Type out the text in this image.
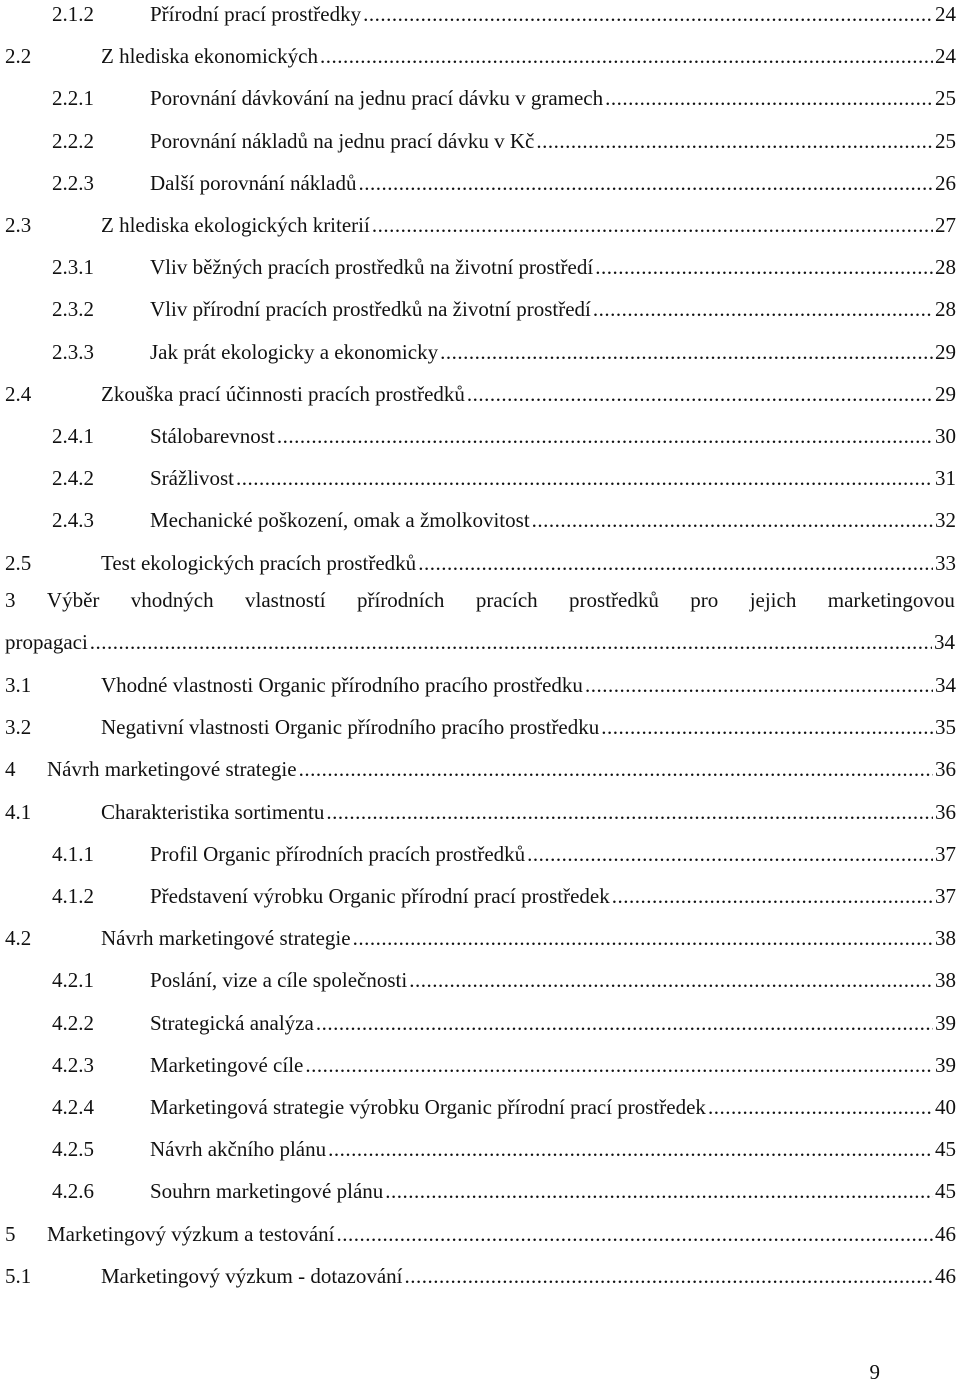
2.1.2	Přírodní prací prostředky .....	24
2.2	Z hlediska ekonomických .....	24
2.2.1	Porovnání dávkování na jednu prací dávku v gramech .....	25
2.2.2	Porovnání nákladů na jednu prací dávku v Kč .....	25
2.2.3	Další porovnání nákladů .....	26
2.3	Z hlediska ekologických kriterií .....	27
2.3.1	Vliv běžných pracích prostředků na životní prostředí .....	28
2.3.2	Vliv přírodní pracích prostředků na životní prostředí .....	28
2.3.3	Jak prát ekologicky a ekonomicky .....	29
2.4	Zkouška prací účinnosti pracích prostředků .....	29
2.4.1	Stálobarevnost .....	30
2.4.2	Srážlivost .....	31
2.4.3	Mechanické poškození, omak a žmolkovitost .....	32
2.5	Test ekologických pracích prostředků .....	33
3 Výběr vhodných vlastností přírodních pracích prostředků pro jejich marketingovou
propagaci .....	34
3.1	Vhodné vlastnosti Organic přírodního pracího prostředku .....	34
3.2	Negativní vlastnosti Organic přírodního pracího prostředku .....	35
4 Návrh marketingové strategie .....	36
4.1	Charakteristika sortimentu .....	36
4.1.1	Profil Organic přírodních pracích prostředků .....	37
4.1.2	Představení výrobku Organic přírodní prací prostředek .....	37
4.2	Návrh marketingové strategie .....	38
4.2.1	Poslání, vize a cíle společnosti .....	38
4.2.2	Strategická analýza .....	39
4.2.3	Marketingové cíle .....	39
4.2.4	Marketingová strategie výrobku Organic přírodní prací prostředek .....	40
4.2.5	Návrh akčního plánu .....	45
4.2.6	Souhrn marketingové plánu .....	45
5 Marketingový výzkum a testování .....	46
5.1	Marketingový výzkum - dotazování .....	46
9
